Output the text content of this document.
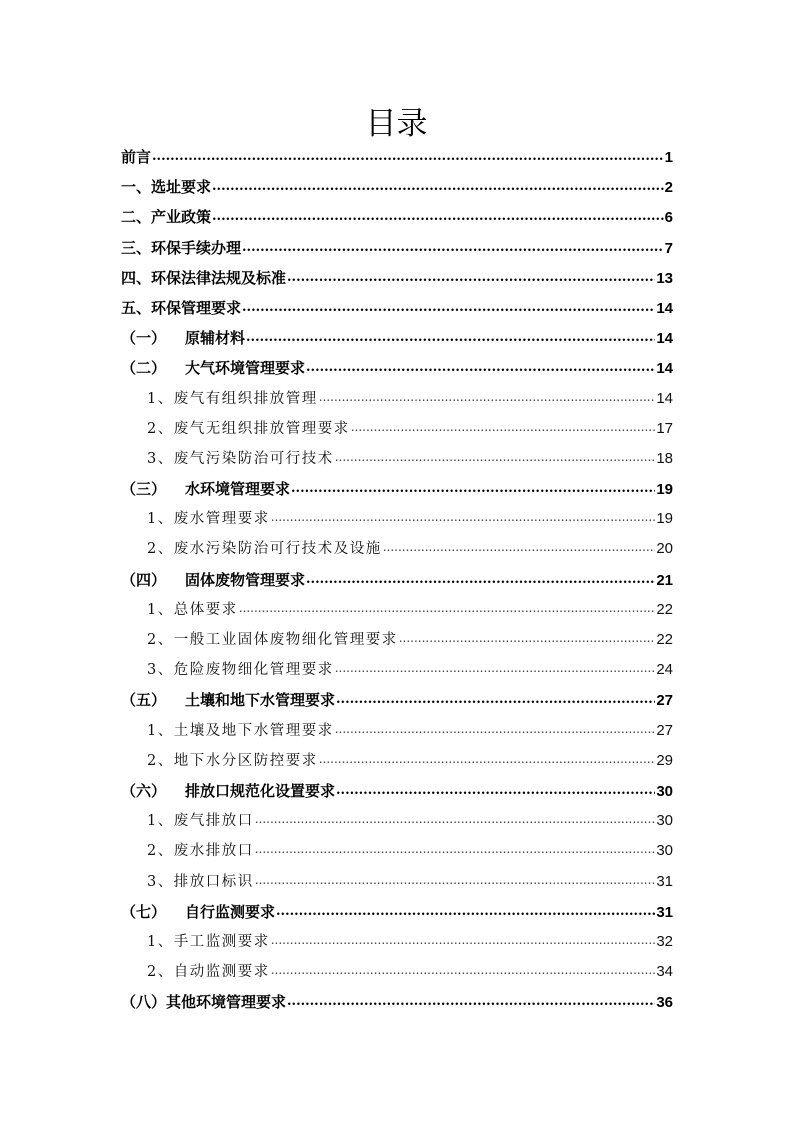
目录
前言 .....	1
一、选址要求 .....	2
二、产业政策 .....	6
三、环保手续办理 .....	7
四、环保法律法规及标准 .....	13
五、环保管理要求 .....	14
（一） 原辅材料 .....	14
（二） 大气环境管理要求 .....	14
1、废气有组织排放管理 .....	14
2、废气无组织排放管理要求 .....	17
3、废气污染防治可行技术 .....	18
（三） 水环境管理要求 .....	19
1、废水管理要求 .....	19
2、废水污染防治可行技术及设施 .....	20
（四） 固体废物管理要求 .....	21
1、总体要求 .....	22
2、一般工业固体废物细化管理要求 .....	22
3、危险废物细化管理要求 .....	24
（五） 土壤和地下水管理要求 .....	27
1、土壤及地下水管理要求 .....	27
2、地下水分区防控要求 .....	29
（六） 排放口规范化设置要求 .....	30
1、废气排放口 .....	30
2、废水排放口 .....	30
3、排放口标识 .....	31
（七） 自行监测要求 .....	31
1、手工监测要求 .....	32
2、自动监测要求 .....	34
（八）其他环境管理要求 .....	36
